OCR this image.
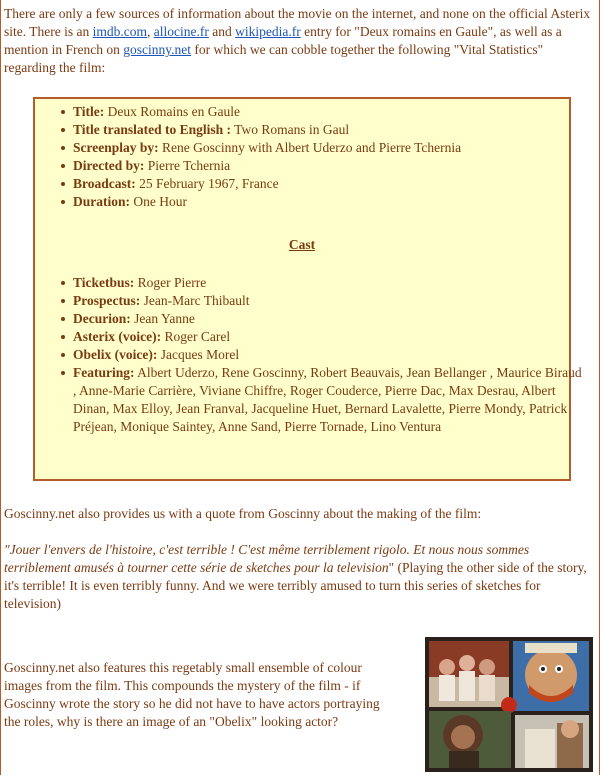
There are only a few sources of information about the movie on the internet, and none on the official Asterix site. There is an imdb.com, allocine.fr and wikipedia.fr entry for "Deux romains en Gaule", as well as a mention in French on goscinny.net for which we can cobble together the following "Vital Statistics" regarding the film:

Title: Deux Romains en Gaule
Title translated to English : Two Romans in Gaul
Screenplay by: Rene Goscinny with Albert Uderzo and Pierre Tchernia
Directed by: Pierre Tchernia
Broadcast: 25 February 1967, France
Duration: One Hour
Cast
Ticketbus: Roger Pierre
Prospectus: Jean-Marc Thibault
Decurion: Jean Yanne
Asterix (voice): Roger Carel
Obelix (voice): Jacques Morel
Featuring: Albert Uderzo, Rene Goscinny, Robert Beauvais, Jean Bellanger , Maurice Biraud , Anne-Marie Carrière, Viviane Chiffre, Roger Couderce, Pierre Dac, Max Desrau, Albert Dinan, Max Elloy, Jean Franval, Jacqueline Huet, Bernard Lavalette, Pierre Mondy, Patrick Préjean, Monique Saintey, Anne Sand, Pierre Tornade, Lino Ventura

Goscinny.net also provides us with a quote from Goscinny about the making of the film:

"Jouer l'envers de l'histoire, c'est terrible ! C'est même terriblement rigolo. Et nous nous sommes terriblement amusés à tourner cette série de sketches pour la television" (Playing the other side of the story, it's terrible! It is even terribly funny. And we were terribly amused to turn this series of sketches for television)

Goscinny.net also features this regetably small ensemble of colour images from the film. This compounds the mystery of the film - if Goscinny wrote the story so he did not have to have actors portraying the roles, why is there an image of an "Obelix" looking actor?
